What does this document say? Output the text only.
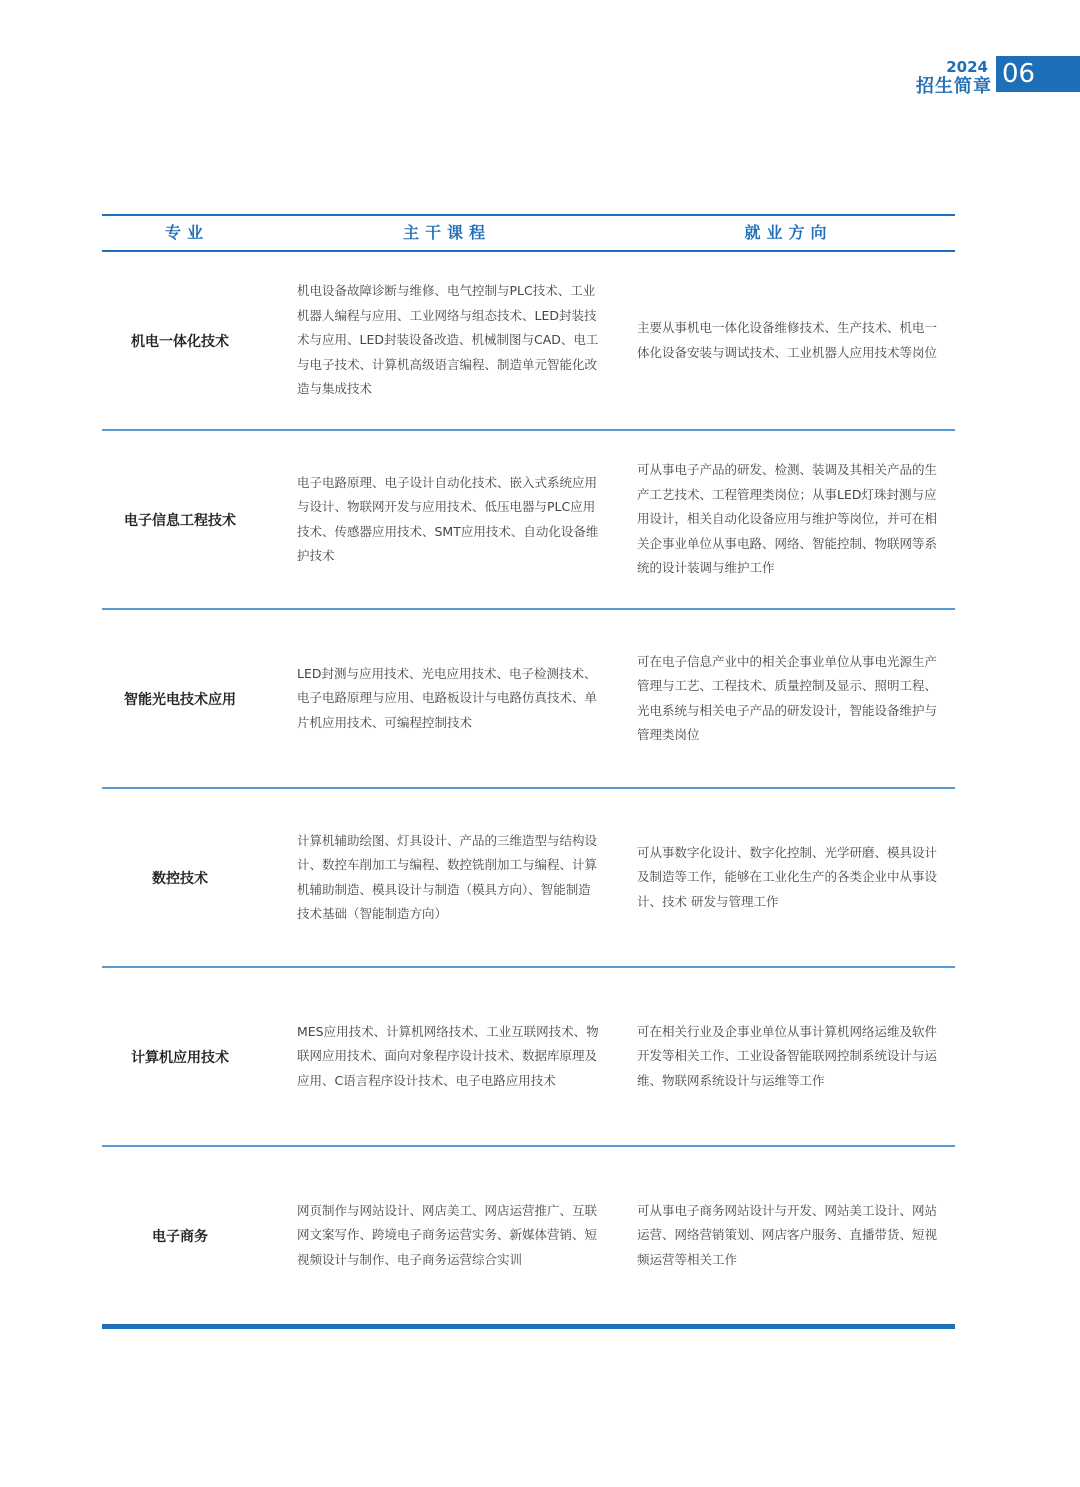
2024
招生简章 06
专业	主干课程	就业方向
机电一体化技术
机电设备故障诊断与维修、电气控制与PLC技术、工业机器人编程与应用、工业网络与组态技术、LED封装技术与应用、LED封装设备改造、机械制图与CAD、电工与电子技术、计算机高级语言编程、制造单元智能化改造与集成技术
主要从事机电一体化设备维修技术、生产技术、机电一体化设备安装与调试技术、工业机器人应用技术等岗位
电子信息工程技术
电子电路原理、电子设计自动化技术、嵌入式系统应用与设计、物联网开发与应用技术、低压电器与PLC应用技术、传感器应用技术、SMT应用技术、自动化设备维护技术
可从事电子产品的研发、检测、装调及其相关产品的生产工艺技术、工程管理类岗位；从事LED灯珠封测与应用设计，相关自动化设备应用与维护等岗位，并可在相关企事业单位从事电路、网络、智能控制、物联网等系统的设计装调与维护工作
智能光电技术应用
LED封测与应用技术、光电应用技术、电子检测技术、电子电路原理与应用、电路板设计与电路仿真技术、单片机应用技术、可编程控制技术
可在电子信息产业中的相关企事业单位从事电光源生产管理与工艺、工程技术、质量控制及显示、照明工程、光电系统与相关电子产品的研发设计，智能设备维护与管理类岗位
数控技术
计算机辅助绘图、灯具设计、产品的三维造型与结构设计、数控车削加工与编程、数控铣削加工与编程、计算机辅助制造、模具设计与制造（模具方向）、智能制造技术基础（智能制造方向）
可从事数字化设计、数字化控制、光学研磨、模具设计及制造等工作，能够在工业化生产的各类企业中从事设计、技术 研发与管理工作
计算机应用技术
MES应用技术、计算机网络技术、工业互联网技术、物联网应用技术、面向对象程序设计技术、数据库原理及应用、C语言程序设计技术、电子电路应用技术
可在相关行业及企事业单位从事计算机网络运维及软件开发等相关工作、工业设备智能联网控制系统设计与运维、物联网系统设计与运维等工作
电子商务
网页制作与网站设计、网店美工、网店运营推广、互联网文案写作、跨境电子商务运营实务、新媒体营销、短视频设计与制作、电子商务运营综合实训
可从事电子商务网站设计与开发、网站美工设计、网站运营、网络营销策划、网店客户服务、直播带货、短视频运营等相关工作
